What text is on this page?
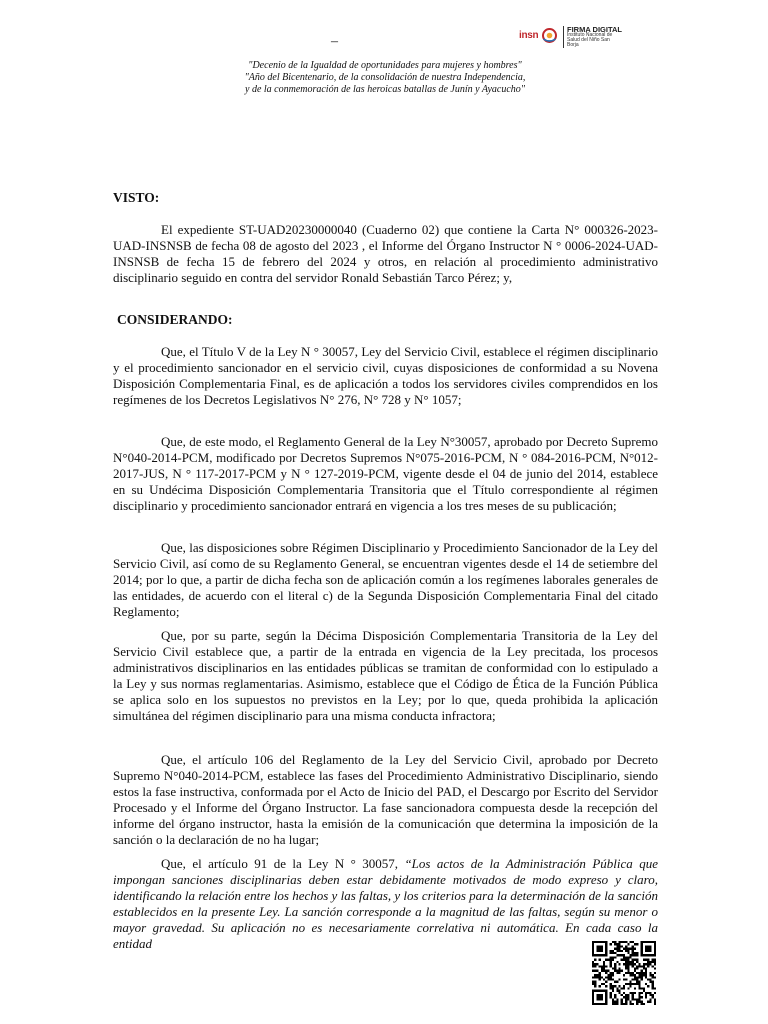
–	insn
FIRMA DIGITAL
Instituto Nacional de
Salud del Niño San
Borja
"Decenio de la Igualdad de oportunidades para mujeres y hombres"
"Año del Bicentenario, de la consolidación de nuestra Independencia,
y de la conmemoración de las heroicas batallas de Junín y Ayacucho"
VISTO:

El expediente ST-UAD20230000040 (Cuaderno 02) que contiene la Carta N° 000326-2023-UAD-INSNSB de fecha 08 de agosto del 2023 , el Informe del Órgano Instructor N ° 0006-2024-UAD-INSNSB de fecha 15 de febrero del 2024 y otros, en relación al procedimiento administrativo disciplinario seguido en contra del servidor Ronald Sebastián Tarco Pérez; y,

CONSIDERANDO:

Que, el Título V de la Ley N ° 30057, Ley del Servicio Civil, establece el régimen disciplinario y el procedimiento sancionador en el servicio civil, cuyas disposiciones de conformidad a su Novena Disposición Complementaria Final, es de aplicación a todos los servidores civiles comprendidos en los regímenes de los Decretos Legislativos N° 276, N° 728 y N° 1057;

Que, de este modo, el Reglamento General de la Ley N°30057, aprobado por Decreto Supremo N°040-2014-PCM, modificado por Decretos Supremos N°075-2016-PCM, N ° 084-2016-PCM, N°012-2017-JUS, N ° 117-2017-PCM y N ° 127-2019-PCM, vigente desde el 04 de junio del 2014, establece en su Undécima Disposición Complementaria Transitoria que el Título correspondiente al régimen disciplinario y procedimiento sancionador entrará en vigencia a los tres meses de su publicación;

Que, las disposiciones sobre Régimen Disciplinario y Procedimiento Sancionador de la Ley del Servicio Civil, así como de su Reglamento General, se encuentran vigentes desde el 14 de setiembre del 2014; por lo que, a partir de dicha fecha son de aplicación común a los regímenes laborales generales de las entidades, de acuerdo con el literal c) de la Segunda Disposición Complementaria Final del citado Reglamento;

Que, por su parte, según la Décima Disposición Complementaria Transitoria de la Ley del Servicio Civil establece que, a partir de la entrada en vigencia de la Ley precitada, los procesos administrativos disciplinarios en las entidades públicas se tramitan de conformidad con lo estipulado a la Ley y sus normas reglamentarias. Asimismo, establece que el Código de Ética de la Función Pública se aplica solo en los supuestos no previstos en la Ley; por lo que, queda prohibida la aplicación simultánea del régimen disciplinario para una misma conducta infractora;

Que, el artículo 106 del Reglamento de la Ley del Servicio Civil, aprobado por Decreto Supremo N°040-2014-PCM, establece las fases del Procedimiento Administrativo Disciplinario, siendo estos la fase instructiva, conformada por el Acto de Inicio del PAD, el Descargo por Escrito del Servidor Procesado y el Informe del Órgano Instructor. La fase sancionadora compuesta desde la recepción del informe del órgano instructor, hasta la emisión de la comunicación que determina la imposición de la sanción o la declaración de no ha lugar;

Que, el artículo 91 de la Ley N ° 30057, “Los actos de la Administración Pública que impongan sanciones disciplinarias deben estar debidamente motivados de modo expreso y claro, identificando la relación entre los hechos y las faltas, y los criterios para la determinación de la sanción establecidos en la presente Ley. La sanción corresponde a la magnitud de las faltas, según su menor o mayor gravedad. Su aplicación no es necesariamente correlativa ni automática. En cada caso la entidad
